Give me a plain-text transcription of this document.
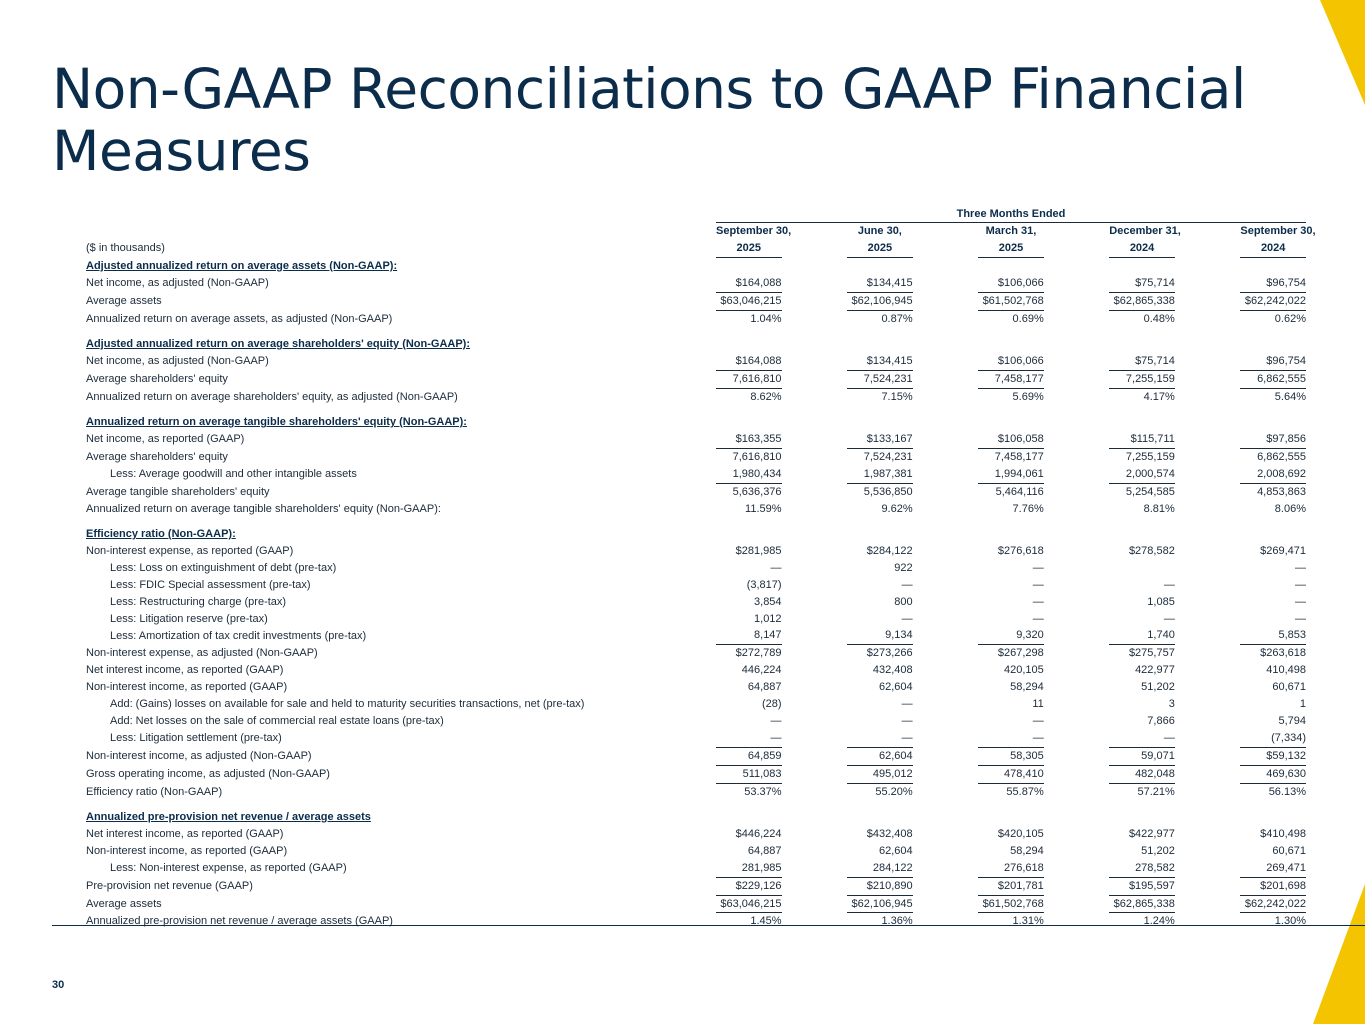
Non-GAAP Reconciliations to GAAP Financial Measures
	Three Months Ended								
	September 30,		June 30,		March 31,		December 31,		September 30,
($ in thousands)	2025		2025		2025		2024		2024
Adjusted annualized return on average assets (Non-GAAP):									
Net income, as adjusted (Non-GAAP)	$164,088		$134,415		$106,066		$75,714		$96,754
Average assets	$63,046,215		$62,106,945		$61,502,768		$62,865,338		$62,242,022
Annualized return on average assets, as adjusted (Non-GAAP)	1.04%		0.87%		0.69%		0.48%		0.62%

Adjusted annualized return on average shareholders' equity (Non-GAAP):									
Net income, as adjusted (Non-GAAP)	$164,088		$134,415		$106,066		$75,714		$96,754
Average shareholders' equity	7,616,810		7,524,231		7,458,177		7,255,159		6,862,555
Annualized return on average shareholders' equity, as adjusted (Non-GAAP)	8.62%		7.15%		5.69%		4.17%		5.64%

Annualized return on average tangible shareholders' equity (Non-GAAP):									
Net income, as reported (GAAP)	$163,355		$133,167		$106,058		$115,711		$97,856
Average shareholders' equity	7,616,810		7,524,231		7,458,177		7,255,159		6,862,555
Less: Average goodwill and other intangible assets	1,980,434		1,987,381		1,994,061		2,000,574		2,008,692
Average tangible shareholders' equity	5,636,376		5,536,850		5,464,116		5,254,585		4,853,863
Annualized return on average tangible shareholders' equity (Non-GAAP):	11.59%		9.62%		7.76%		8.81%		8.06%

Efficiency ratio (Non-GAAP):									
Non-interest expense, as reported (GAAP)	$281,985		$284,122		$276,618		$278,582		$269,471
Less: Loss on extinguishment of debt (pre-tax)	—		922		—				—
Less: FDIC Special assessment (pre-tax)	(3,817)		—		—		—		—
Less: Restructuring charge (pre-tax)	3,854		800		—		1,085		—
Less: Litigation reserve (pre-tax)	1,012		—		—		—		—
Less: Amortization of tax credit investments (pre-tax)	8,147		9,134		9,320		1,740		5,853
Non-interest expense, as adjusted (Non-GAAP)	$272,789		$273,266		$267,298		$275,757		$263,618
Net interest income, as reported (GAAP)	446,224		432,408		420,105		422,977		410,498
Non-interest income, as reported (GAAP)	64,887		62,604		58,294		51,202		60,671
Add: (Gains) losses on available for sale and held to maturity securities transactions, net (pre-tax)	(28)		—		11		3		1
Add: Net losses on the sale of commercial real estate loans (pre-tax)	—		—		—		7,866		5,794
Less: Litigation settlement (pre-tax)	—		—		—		—		(7,334)
Non-interest income, as adjusted (Non-GAAP)	64,859		62,604		58,305		59,071		$59,132
Gross operating income, as adjusted (Non-GAAP)	511,083		495,012		478,410		482,048		469,630
Efficiency ratio (Non-GAAP)	53.37%		55.20%		55.87%		57.21%		56.13%

Annualized pre-provision net revenue / average assets									
Net interest income, as reported (GAAP)	$446,224		$432,408		$420,105		$422,977		$410,498
Non-interest income, as reported (GAAP)	64,887		62,604		58,294		51,202		60,671
Less: Non-interest expense, as reported (GAAP)	281,985		284,122		276,618		278,582		269,471
Pre-provision net revenue (GAAP)	$229,126		$210,890		$201,781		$195,597		$201,698
Average assets	$63,046,215		$62,106,945		$61,502,768		$62,865,338		$62,242,022
Annualized pre-provision net revenue / average assets (GAAP)	1.45%		1.36%		1.31%		1.24%		1.30%
30
